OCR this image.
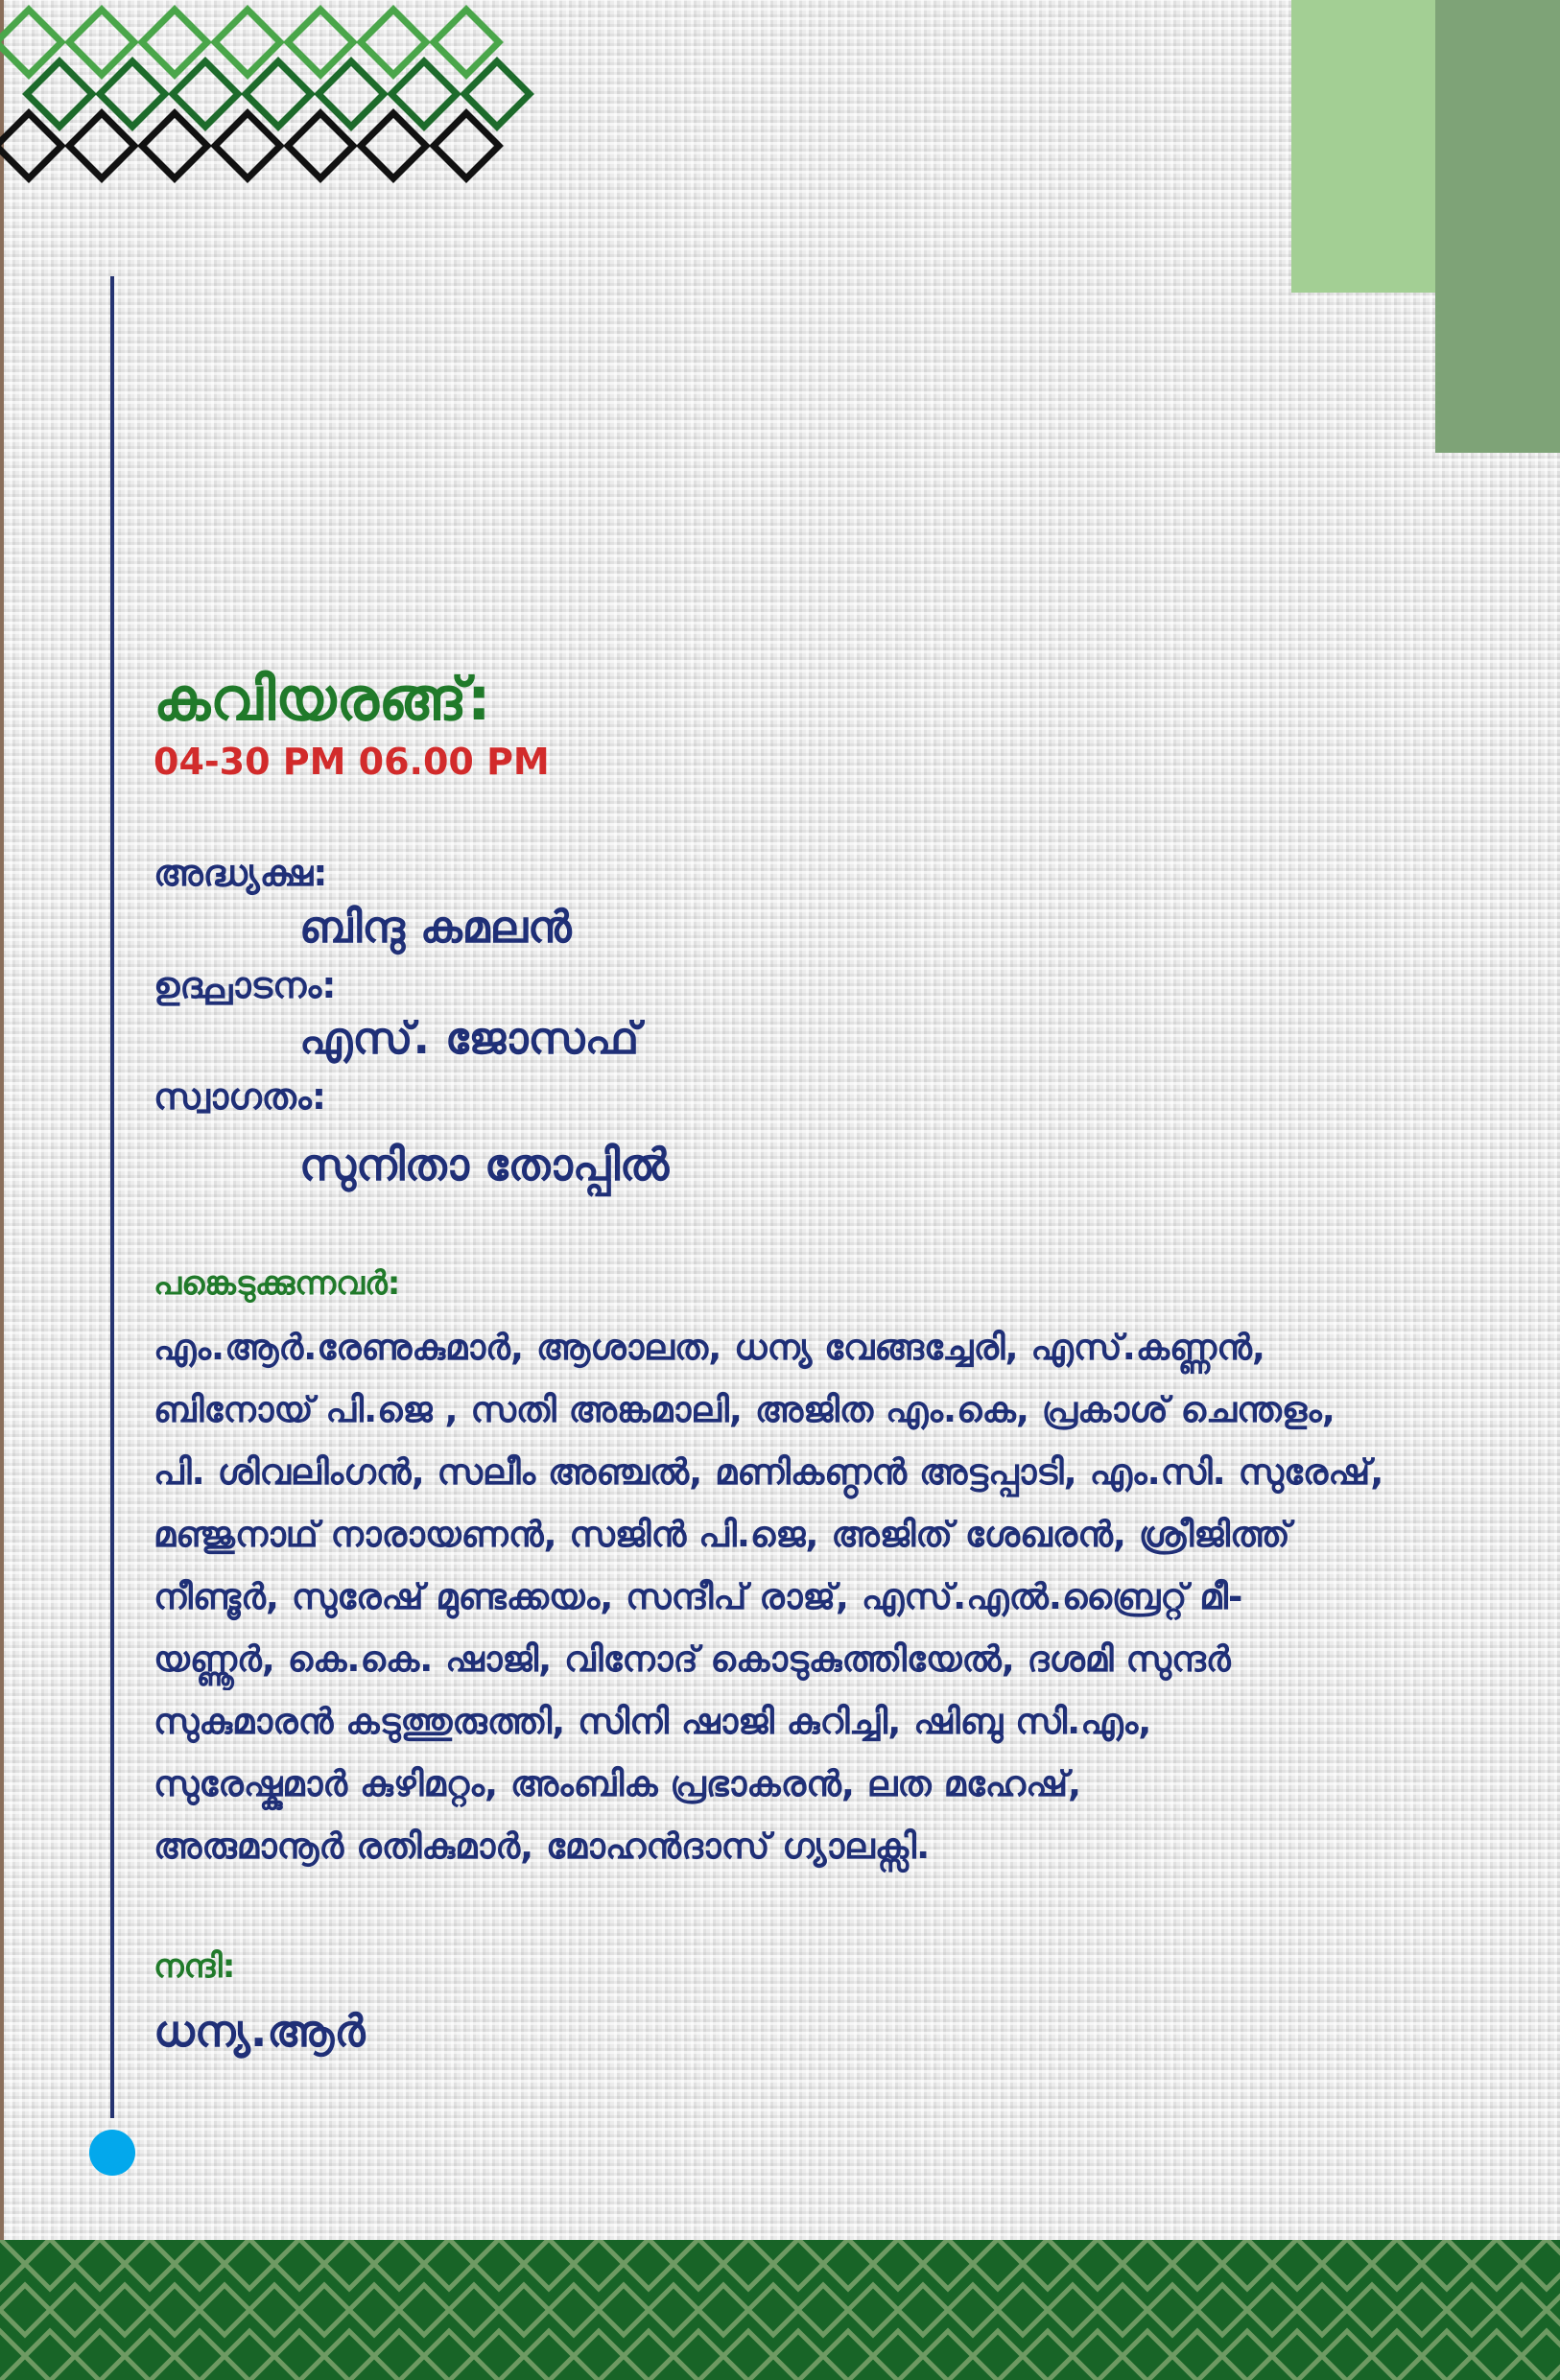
കവിയരങ്ങ്:
04-30 PM 06.00 PM
അദ്ധ്യക്ഷ:
ബിന്ദു കമലൻ
ഉദ്ഘാടനം:
എസ്. ജോസഫ്
സ്വാഗതം:
സുനിതാ തോപ്പിൽ
പങ്കെടുക്കുന്നവർ:
എം.ആർ.രേണുകുമാർ, ആശാലത, ധന്യ വേങ്ങച്ചേരി, എസ്.കണ്ണൻ,
ബിനോയ് പി.ജെ , സതി അങ്കമാലി, അജിത എം.കെ, പ്രകാശ് ചെന്തളം,
പി. ശിവലിംഗൻ, സലീം അഞ്ചൽ, മണികണ്ഠൻ അട്ടപ്പാടി, എം.സി. സുരേഷ്,
മഞ്ജുനാഥ് നാരായണൻ, സജിൻ പി.ജെ, അജിത് ശേഖരൻ, ശ്രീജിത്ത്
നീണ്ടൂർ, സുരേഷ് മുണ്ടക്കയം, സന്ദീപ് രാജ്, എസ്.എൽ.ബ്രൈറ്റ് മീ-
യണ്ണൂർ, കെ.കെ. ഷാജി, വിനോദ് കൊടുകുത്തിയേൽ, ദശമി സുന്ദർ
സുകുമാരൻ കടുത്തുരുത്തി, സിനി ഷാജി കുറിച്ചി, ഷിബു സി.എം,
സുരേഷ്കുമാർ കുഴിമറ്റം, അംബിക പ്രഭാകരൻ, ലത മഹേഷ്,
അരുമാനൂർ രതികുമാർ, മോഹൻദാസ് ഗ്യാലക്സി.
നന്ദി:
ധന്യ.ആർ
